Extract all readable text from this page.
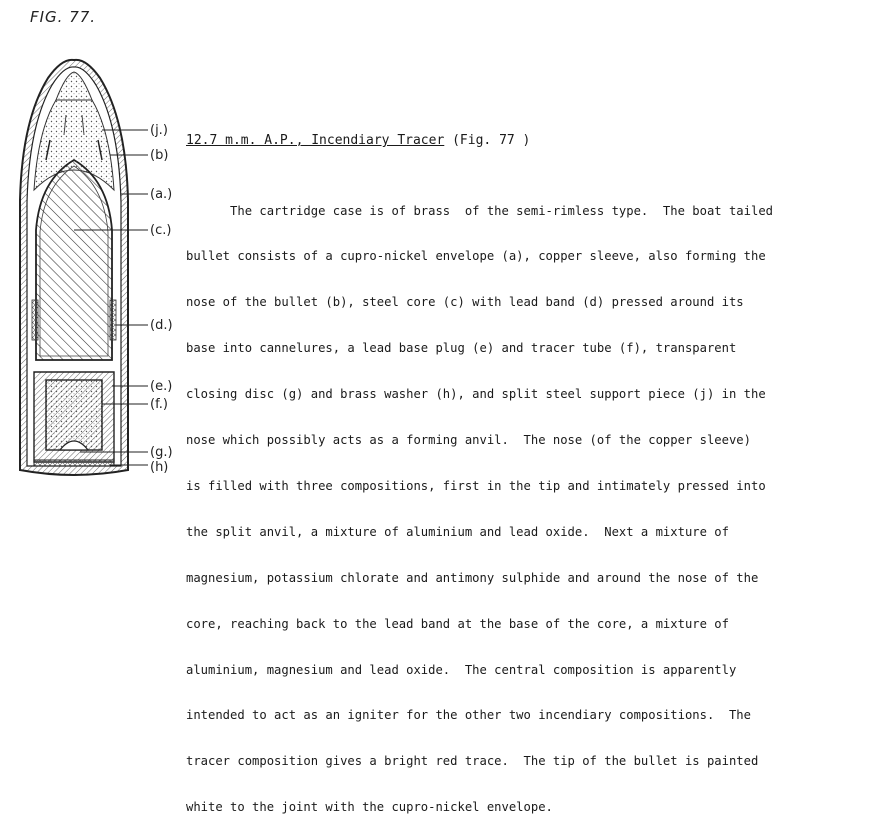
FIG. 77.
(j.)
(b)
(a.)
(c.)
(d.)
(e.)
(f.)
(g.)
(h)
12.7 m.m. A.P., Incendiary Tracer (Fig. 77 )

The cartridge case is of brass  of the semi-rimless type.  The boat tailed

bullet consists of a cupro-nickel envelope (a), copper sleeve, also forming the

nose of the bullet (b), steel core (c) with lead band (d) pressed around its

base into cannelures, a lead base plug (e) and tracer tube (f), transparent

closing disc (g) and brass washer (h), and split steel support piece (j) in the

nose which possibly acts as a forming anvil.  The nose (of the copper sleeve)

is filled with three compositions, first in the tip and intimately pressed into

the split anvil, a mixture of aluminium and lead oxide.  Next a mixture of

magnesium, potassium chlorate and antimony sulphide and around the nose of the

core, reaching back to the lead band at the base of the core, a mixture of

aluminium, magnesium and lead oxide.  The central composition is apparently

intended to act as an igniter for the other two incendiary compositions.  The

tracer composition gives a bright red trace.  The tip of the bullet is painted

white to the joint with the cupro-nickel envelope.
